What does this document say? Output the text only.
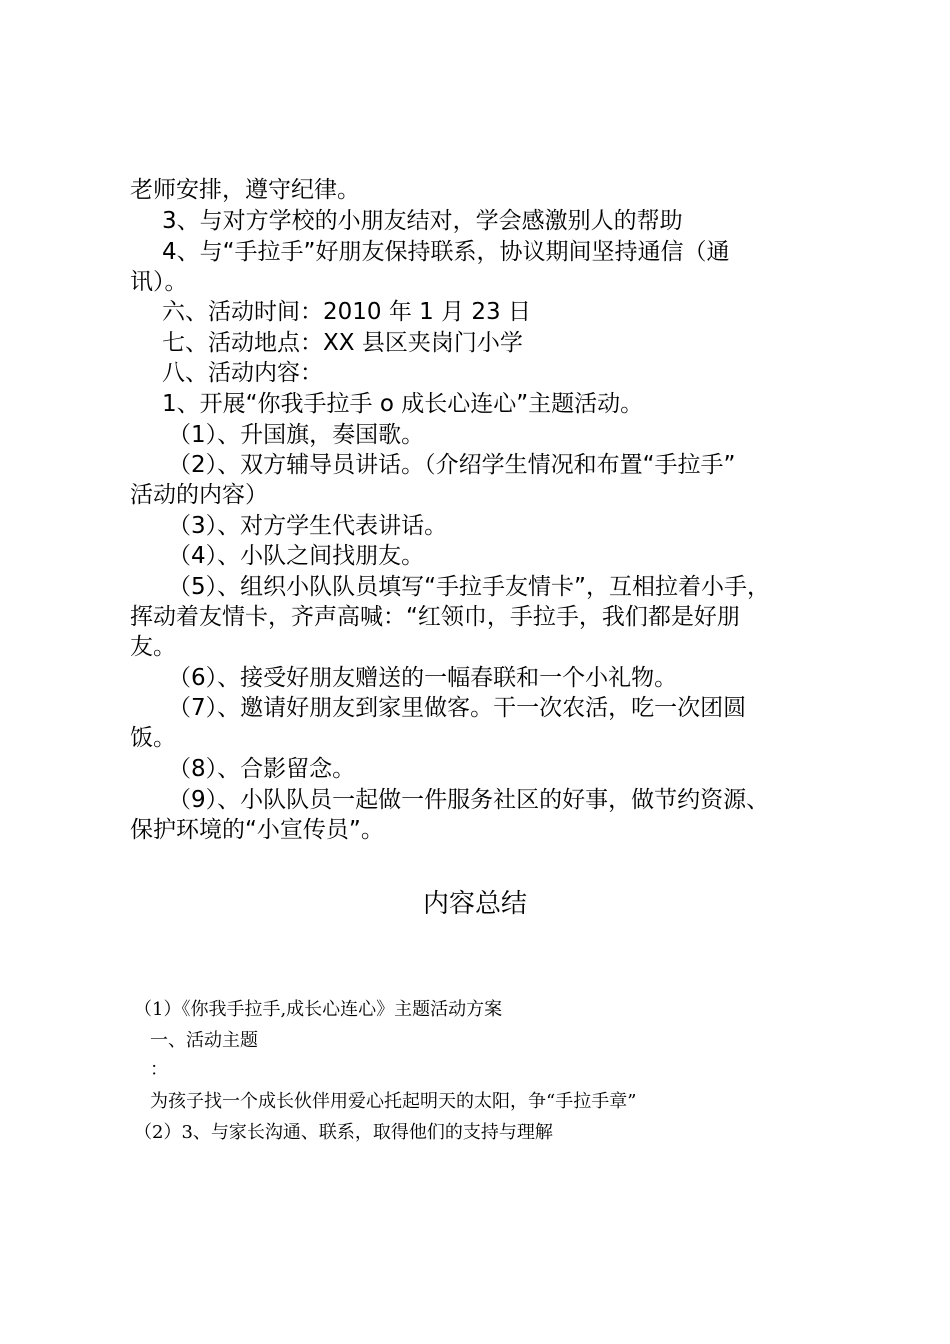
老师安排，遵守纪律。
3、与对方学校的小朋友结对，学会感激别人的帮助
4、与“手拉手”好朋友保持联系，协议期间坚持通信（通
讯）。
六、活动时间：2010 年 1 月 23 日
七、活动地点：XX 县区夹岗门小学
八、活动内容：
1、开展“你我手拉手 o 成长心连心”主题活动。
（1）、升国旗，奏国歌。
（2）、双方辅导员讲话。（介绍学生情况和布置“手拉手”
活动的内容）
（3）、对方学生代表讲话。
（4）、小队之间找朋友。
（5）、组织小队队员填写“手拉手友情卡”，互相拉着小手，
挥动着友情卡，齐声高喊：“红领巾，手拉手，我们都是好朋
友。
（6）、接受好朋友赠送的一幅春联和一个小礼物。
（7）、邀请好朋友到家里做客。干一次农活，吃一次团圆
饭。
（8）、合影留念。
（9）、小队队员一起做一件服务社区的好事，做节约资源、
保护环境的“小宣传员”。
内容总结
（1）《你我手拉手,成长心连心》主题活动方案
一、活动主题
：
为孩子找一个成长伙伴用爱心托起明天的太阳，争“手拉手章”
（2）3、与家长沟通、联系，取得他们的支持与理解
